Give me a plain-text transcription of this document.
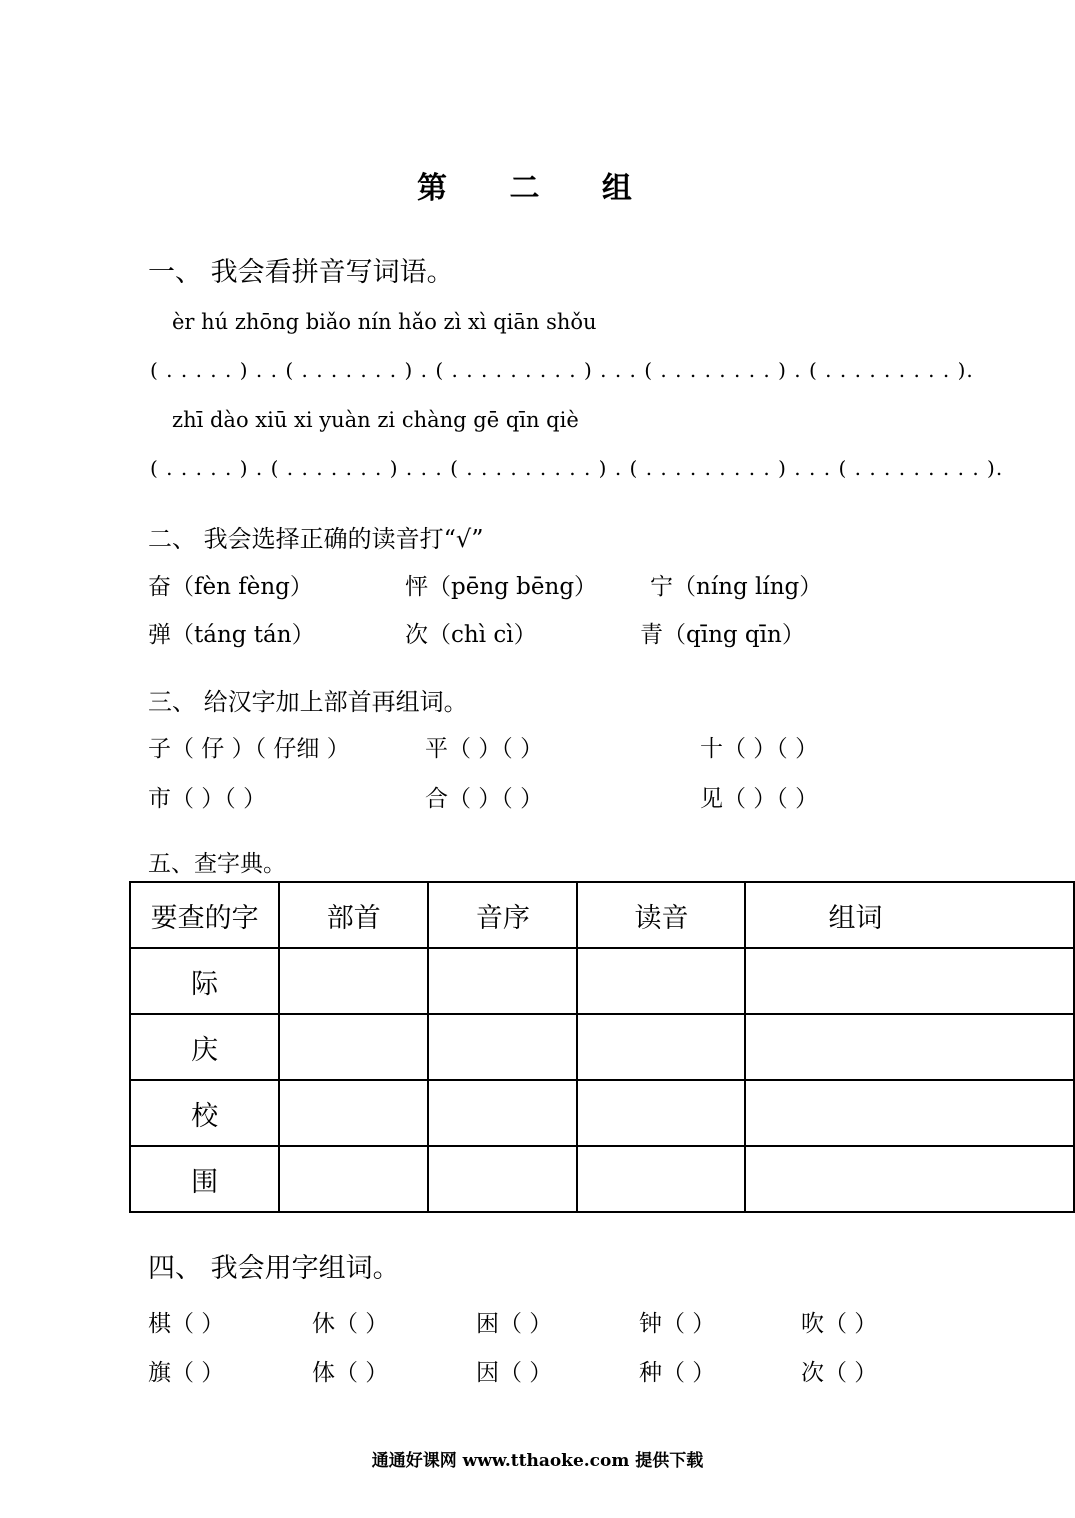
第 二 组
一、 我会看拼音写词语。
èr hú zhōng biǎo nín hǎo zì xì qiān shǒu
( . . . . . ) . . ( . . . . . . . ) . ( . . . . . . . . . ) . . . ( . . . . . . . . ) . ( . . . . . . . . . ).
zhī dào xiū xi yuàn zi chàng gē qīn qiè
( . . . . . ) . ( . . . . . . . ) . . . ( . . . . . . . . . ) . ( . . . . . . . . . ) . . . ( . . . . . . . . . ).
二、 我会选择正确的读音打“√”
奋（fèn fèng）	怦（pēng bēng） 宁（níng líng）
弹（táng tán）	次（chì cì）	青（qīng qīn）
三、 给汉字加上部首再组词。
子（ 仔 ）（ 仔细 ）	平（ ）（ ）	十（ ）（ ）
市（ ）（ ）	合（ ）（ ）	见（ ）（ ）
五、查字典。
要查的字	部首	音序	读音	组词
际				
庆				
校				
围				
四、 我会用字组词。
棋（ ）	休（ ）	困（ ）	钟（ ）	吹（ ）
旗（ ）	体（ ）	因（ ）	种（ ）	次（ ）
通通好课网 www.tthaoke.com 提供下载
